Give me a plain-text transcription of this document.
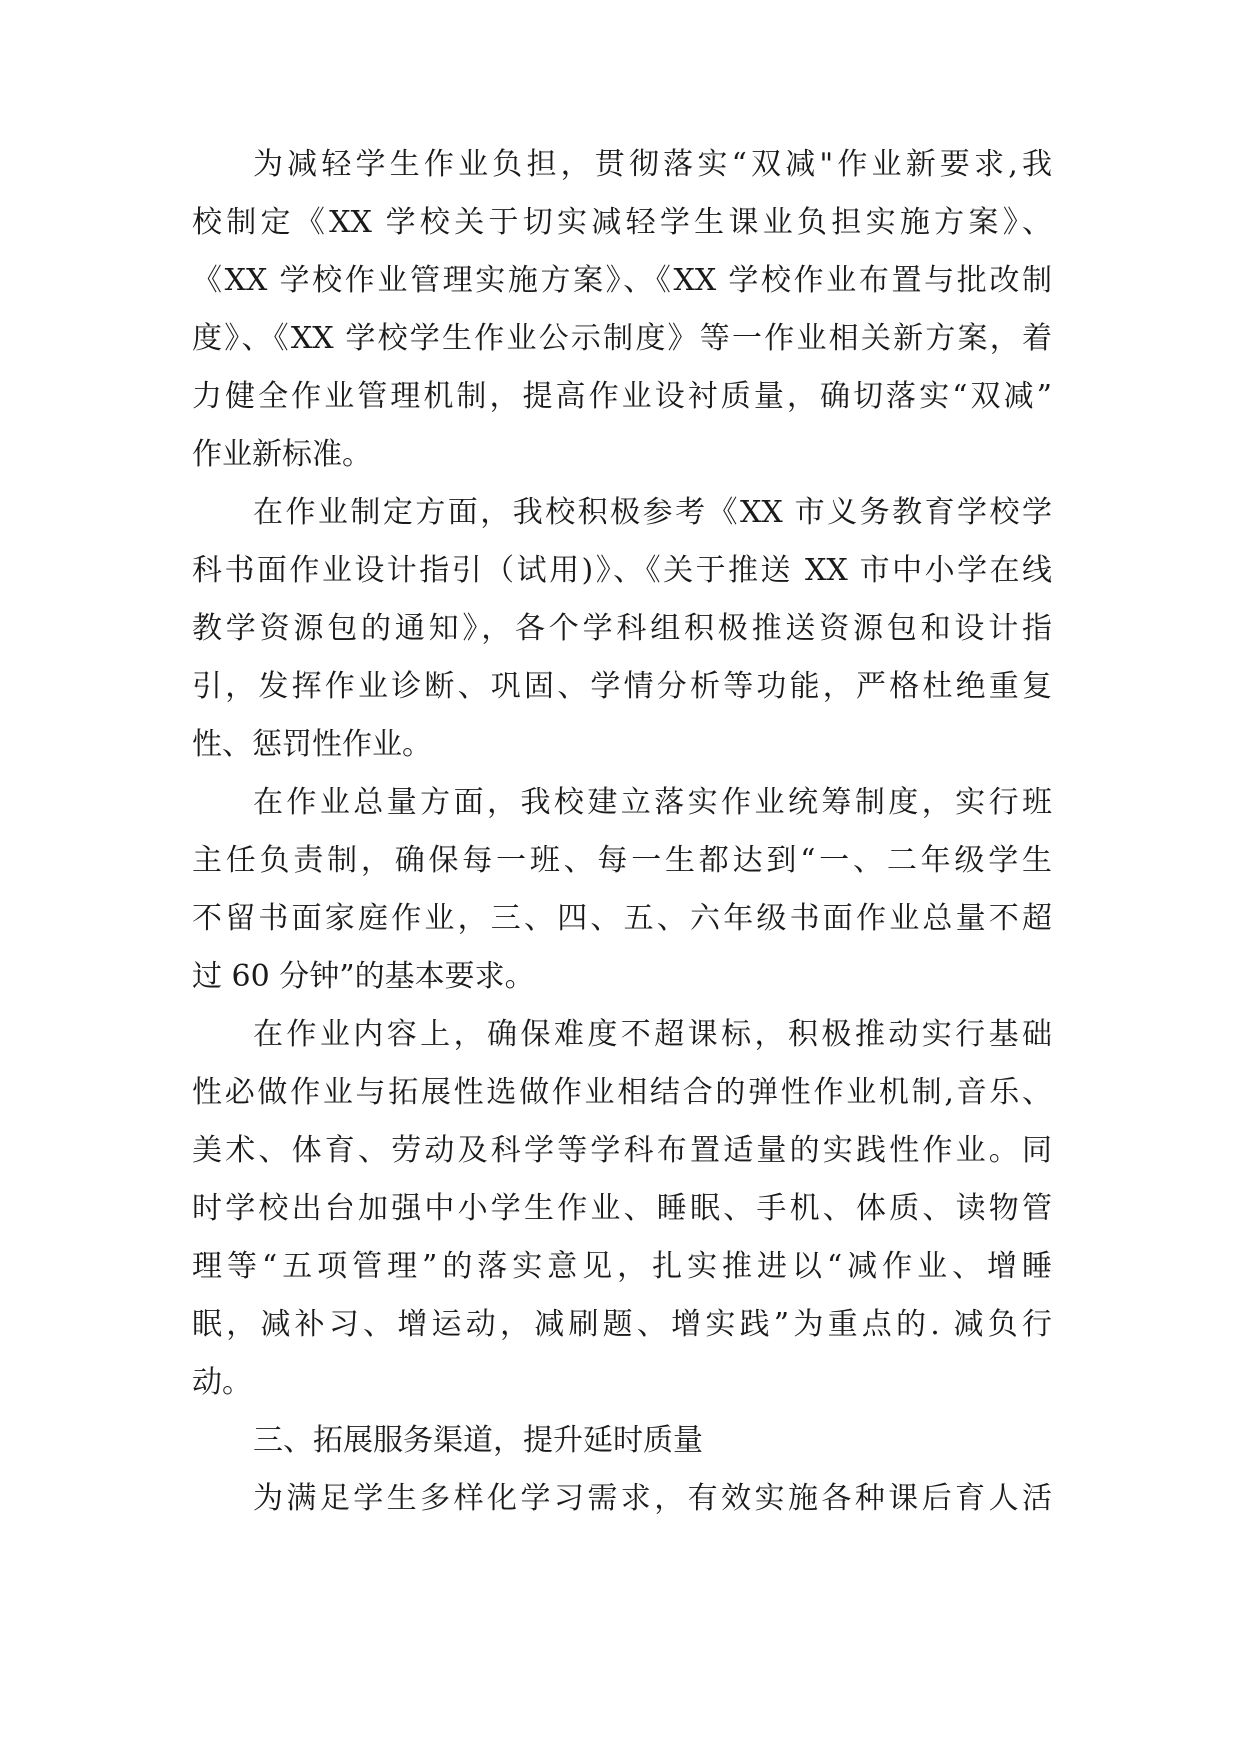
为减轻学生作业负担，贯彻落实“双减"作业新要求,我
校制定《XX 学校关于切实减轻学生课业负担实施方案》、
《XX 学校作业管理实施方案》、《XX 学校作业布置与批改制
度》、《XX 学校学生作业公示制度》等一作业相关新方案，着
力健全作业管理机制，提高作业设衬质量，确切落实“双减”
作业新标准。
在作业制定方面，我校积极参考《XX 市义务教育学校学
科书面作业设计指引（试用)》、《关于推送 XX 市中小学在线
教学资源包的通知》，各个学科组积极推送资源包和设计指
引，发挥作业诊断、巩固、学情分析等功能，严格杜绝重复
性、惩罚性作业。
在作业总量方面，我校建立落实作业统筹制度，实行班
主任负责制，确保每一班、每一生都达到“一、二年级学生
不留书面家庭作业，三、四、五、六年级书面作业总量不超
过 60 分钟”的基本要求。
在作业内容上，确保难度不超课标，积极推动实行基础
性必做作业与拓展性选做作业相结合的弹性作业机制,音乐、
美术、体育、劳动及科学等学科布置适量的实践性作业。同
时学校出台加强中小学生作业、睡眠、手机、体质、读物管
理等“五项管理”的落实意见，扎实推进以“减作业、增睡
眠，减补习、增运动，减刷题、增实践”为重点的. 减负行
动。
三、拓展服务渠道，提升延时质量
为满足学生多样化学习需求，有效实施各种课后育人活
